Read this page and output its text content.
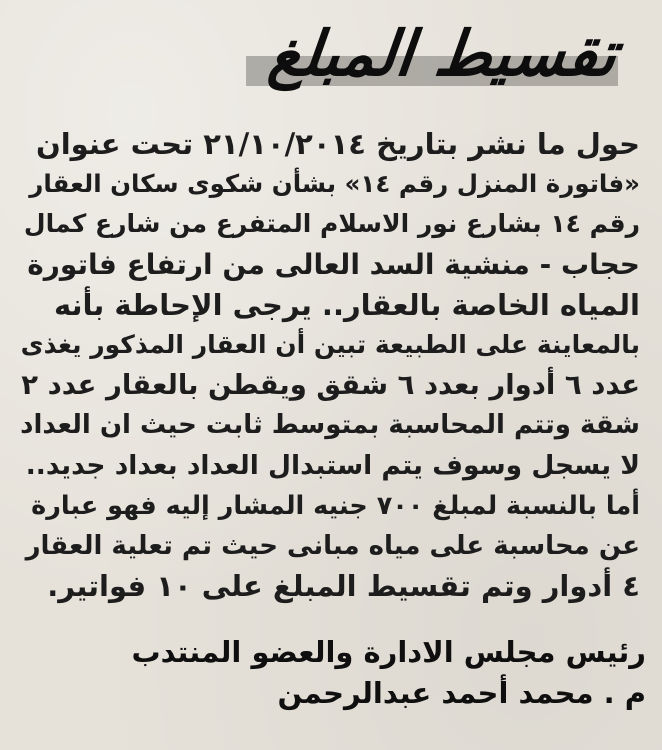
تقسيط المبلغ
حول ما نشر بتاريخ ٢١/١٠/٢٠١٤ تحت عنوان
«فاتورة المنزل رقم ١٤» بشأن شكوى سكان العقار
رقم ١٤ بشارع نور الاسلام المتفرع من شارع كمال
حجاب - منشية السد العالى من ارتفاع فاتورة
المياه الخاصة بالعقار.. يرجى الإحاطة بأنه
بالمعاينة على الطبيعة تبين أن العقار المذكور يغذى
عدد ٦ أدوار بعدد ٦ شقق ويقطن بالعقار عدد ٢
شقة وتتم المحاسبة بمتوسط ثابت حيث ان العداد
لا يسجل وسوف يتم استبدال العداد بعداد جديد..
أما بالنسبة لمبلغ ٧٠٠ جنيه المشار إليه فهو عبارة
عن محاسبة على مياه مبانى حيث تم تعلية العقار
٤ أدوار وتم تقسيط المبلغ على ١٠ فواتير.
رئيس مجلس الادارة والعضو المنتدب
م . محمد أحمد عبدالرحمن
